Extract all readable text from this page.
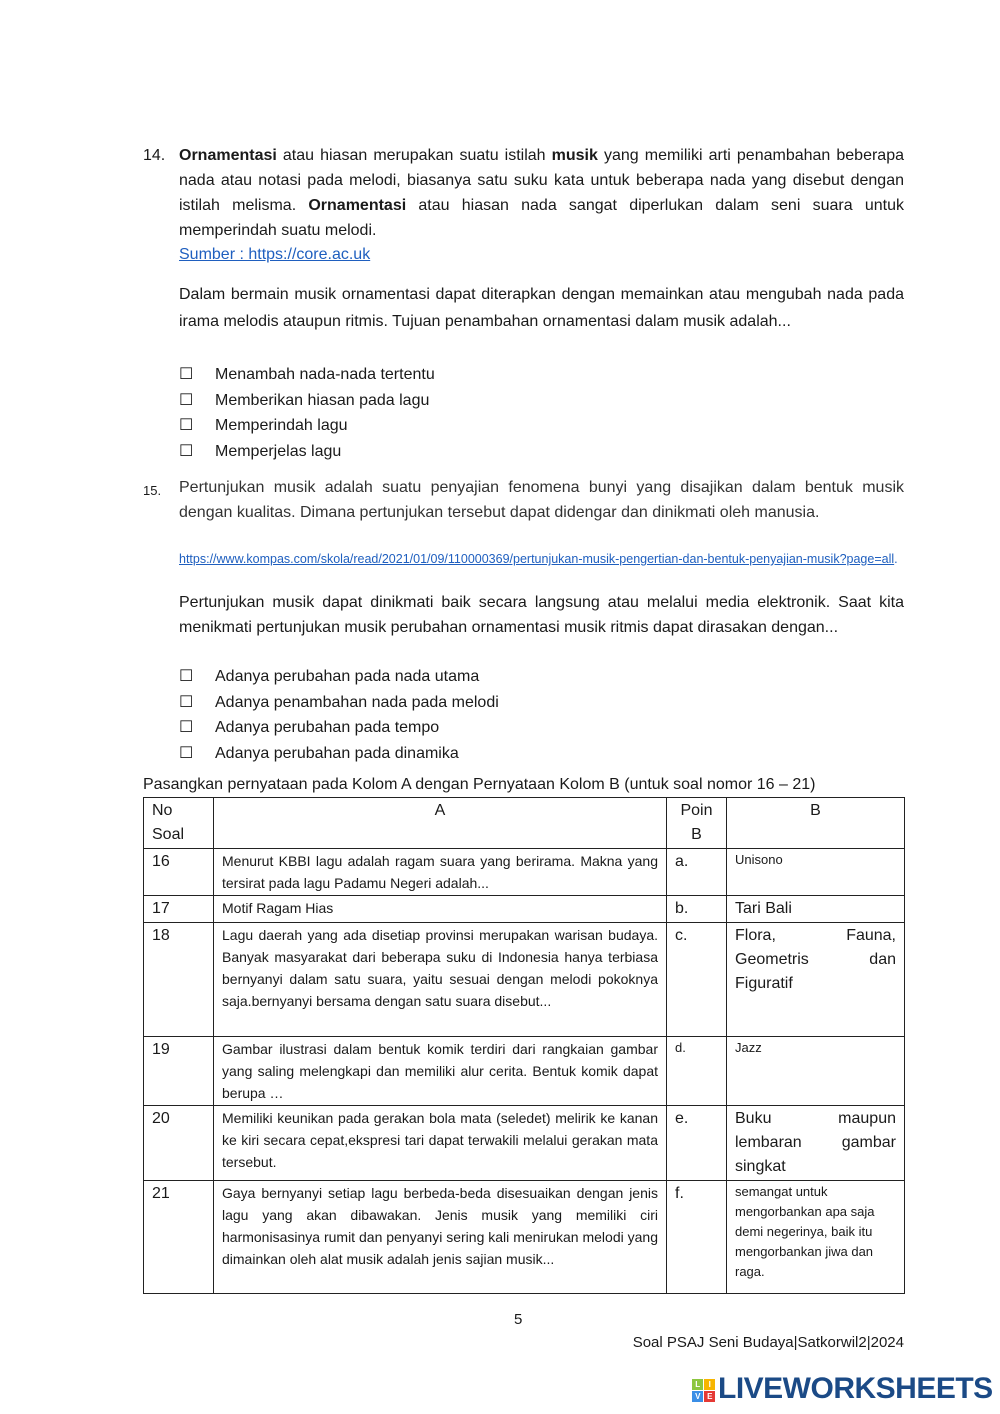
14. Ornamentasi atau hiasan merupakan suatu istilah musik yang memiliki arti penambahan beberapa nada atau notasi pada melodi, biasanya satu suku kata untuk beberapa nada yang disebut dengan istilah melisma. Ornamentasi atau hiasan nada sangat diperlukan dalam seni suara untuk memperindah suatu melodi.
Sumber : https://core.ac.uk
Dalam bermain musik ornamentasi dapat diterapkan dengan memainkan atau mengubah nada pada irama melodis ataupun ritmis. Tujuan penambahan ornamentasi dalam musik adalah...
☐	Menambah nada-nada tertentu
☐	Memberikan hiasan pada lagu
☐	Memperindah lagu
☐	Memperjelas lagu
15. Pertunjukan musik adalah suatu penyajian fenomena bunyi yang disajikan dalam bentuk musik dengan kualitas. Dimana pertunjukan tersebut dapat didengar dan dinikmati oleh manusia.
https://www.kompas.com/skola/read/2021/01/09/110000369/pertunjukan-musik-pengertian-dan-bentuk-penyajian-musik?page=all.
Pertunjukan musik dapat dinikmati baik secara langsung atau melalui media elektronik. Saat kita menikmati pertunjukan musik perubahan ornamentasi musik ritmis dapat dirasakan dengan...
☐	Adanya perubahan pada nada utama
☐	Adanya penambahan nada pada melodi
☐	Adanya perubahan pada tempo
☐	Adanya perubahan pada dinamika
Pasangkan pernyataan pada Kolom A dengan Pernyataan Kolom B (untuk soal nomor 16 – 21)
No Soal	A	Poin B	B
16	Menurut KBBI lagu adalah ragam suara yang berirama. Makna yang tersirat pada lagu Padamu Negeri adalah...	a.	Unisono
17	Motif Ragam Hias	b.	Tari Bali
18	Lagu daerah yang ada disetiap provinsi merupakan warisan budaya. Banyak masyarakat dari beberapa suku di Indonesia hanya terbiasa bernyanyi dalam satu suara, yaitu sesuai dengan melodi pokoknya saja.bernyanyi bersama dengan satu suara disebut...	c.	Flora, Fauna, Geometris dan Figuratif
19	Gambar ilustrasi dalam bentuk komik terdiri dari rangkaian gambar yang saling melengkapi dan memiliki alur cerita. Bentuk komik dapat berupa …	d.	Jazz
20	Memiliki keunikan pada gerakan bola mata (seledet) melirik ke kanan ke kiri secara cepat,ekspresi tari dapat terwakili melalui gerakan mata tersebut.	e.	Buku maupun lembaran gambar singkat
21	Gaya bernyanyi setiap lagu berbeda-beda disesuaikan dengan jenis lagu yang akan dibawakan. Jenis musik yang memiliki ciri harmonisasinya rumit dan penyanyi sering kali menirukan melodi yang dimainkan oleh alat musik adalah jenis sajian musik...	f.	semangat untuk mengorbankan apa saja demi negerinya, baik itu mengorbankan jiwa dan raga.
5
Soal PSAJ Seni Budaya|Satkorwil2|2024
L	I
V E LIVEWORKSHEETS
